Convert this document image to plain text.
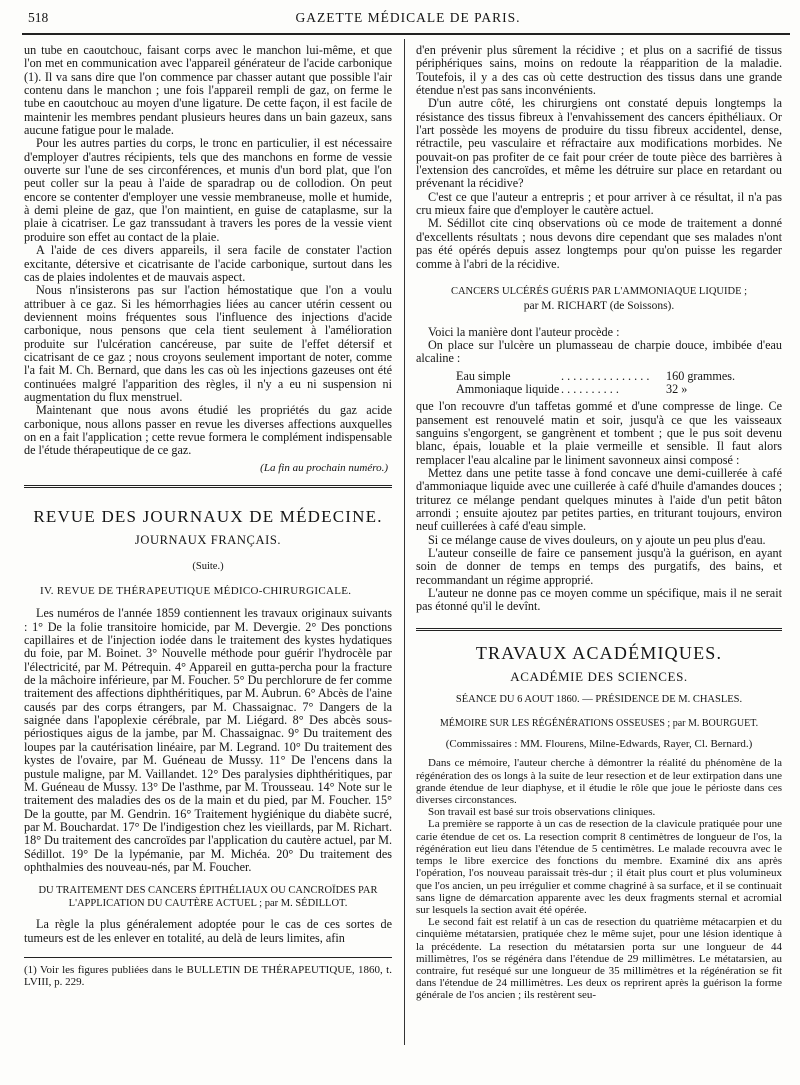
518	GAZETTE MÉDICALE DE PARIS.

un tube en caoutchouc, faisant corps avec le manchon lui-même, et que l'on met en communication avec l'appareil générateur de l'acide carbonique (1). Il va sans dire que l'on commence par chasser autant que possible l'air contenu dans le manchon ; une fois l'appareil rempli de gaz, on ferme le tube en caoutchouc au moyen d'une ligature. De cette façon, il est facile de maintenir les membres pendant plusieurs heures dans un bain gazeux, sans aucune fatigue pour le malade.

Pour les autres parties du corps, le tronc en particulier, il est nécessaire d'employer d'autres récipients, tels que des manchons en forme de vessie ouverte sur l'une de ses circonférences, et munis d'un bord plat, que l'on peut coller sur la peau à l'aide de sparadrap ou de collodion. On peut encore se contenter d'employer une vessie membraneuse, molle et humide, à demi pleine de gaz, que l'on maintient, en guise de cataplasme, sur la plaie à cicatriser. Le gaz transsudant à travers les pores de la vessie vient produire son effet au contact de la plaie.

A l'aide de ces divers appareils, il sera facile de constater l'action excitante, détersive et cicatrisante de l'acide carbonique, surtout dans les cas de plaies indolentes et de mauvais aspect.

Nous n'insisterons pas sur l'action hémostatique que l'on a voulu attribuer à ce gaz. Si les hémorrhagies liées au cancer utérin cessent ou deviennent moins fréquentes sous l'influence des injections d'acide carbonique, nous pensons que cela tient seulement à l'amélioration produite sur l'ulcération cancéreuse, par suite de l'effet détersif et cicatrisant de ce gaz ; nous croyons seulement important de noter, comme l'a fait M. Ch. Bernard, que dans les cas où les injections gazeuses ont été continuées malgré l'apparition des règles, il n'y a eu ni suspension ni augmentation du flux menstruel.

Maintenant que nous avons étudié les propriétés du gaz acide carbonique, nous allons passer en revue les diverses affections auxquelles on en a fait l'application ; cette revue formera le complément indispensable de l'étude thérapeutique de ce gaz.

(La fin au prochain numéro.)
REVUE DES JOURNAUX DE MÉDECINE.
JOURNAUX FRANÇAIS.
(Suite.)
IV. REVUE DE THÉRAPEUTIQUE MÉDICO-CHIRURGICALE.

Les numéros de l'année 1859 contiennent les travaux originaux suivants : 1° De la folie transitoire homicide, par M. Devergie. 2° Des ponctions capillaires et de l'injection iodée dans le traitement des kystes hydatiques du foie, par M. Boinet. 3° Nouvelle méthode pour guérir l'hydrocèle par l'électricité, par M. Pétrequin. 4° Appareil en gutta-percha pour la fracture de la mâchoire inférieure, par M. Foucher. 5° Du perchlorure de fer comme traitement des affections diphthéritiques, par M. Aubrun. 6° Abcès de l'aine causés par des corps étrangers, par M. Chassaignac. 7° Dangers de la saignée dans l'apoplexie cérébrale, par M. Liégard. 8° Des abcès sous-périostiques aigus de la jambe, par M. Chassaignac. 9° Du traitement des loupes par la cautérisation linéaire, par M. Legrand. 10° Du traitement des kystes de l'ovaire, par M. Guéneau de Mussy. 11° De l'encens dans la pustule maligne, par M. Vaillandet. 12° Des paralysies diphthéritiques, par M. Guéneau de Mussy. 13° De l'asthme, par M. Trousseau. 14° Note sur le traitement des maladies des os de la main et du pied, par M. Foucher. 15° De la goutte, par M. Gendrin. 16° Traitement hygiénique du diabète sucré, par M. Bouchardat. 17° De l'indigestion chez les vieillards, par M. Richart. 18° Du traitement des cancroïdes par l'application du cautère actuel, par M. Sédillot. 19° De la lypémanie, par M. Michéa. 20° Du traitement des ophthalmies des nouveau-nés, par M. Foucher.

DU TRAITEMENT DES CANCERS ÉPITHÉLIAUX OU CANCROÏDES PAR L'APPLICATION DU CAUTÈRE ACTUEL ; par M. SÉDILLOT.

La règle la plus généralement adoptée pour le cas de ces sortes de tumeurs est de les enlever en totalité, au delà de leurs limites, afin

(1) Voir les figures publiées dans le BULLETIN DE THÉRAPEUTIQUE, 1860, t. LVIII, p. 229.

d'en prévenir plus sûrement la récidive ; et plus on a sacrifié de tissus périphériques sains, moins on redoute la réapparition de la maladie. Toutefois, il y a des cas où cette destruction des tissus dans une grande étendue n'est pas sans inconvénients.

D'un autre côté, les chirurgiens ont constaté depuis longtemps la résistance des tissus fibreux à l'envahissement des cancers épithéliaux. Or l'art possède les moyens de produire du tissu fibreux accidentel, dense, rétractile, peu vasculaire et réfractaire aux modifications morbides. Ne pouvait-on pas profiter de ce fait pour créer de toute pièce des barrières à l'extension des cancroïdes, et même les détruire sur place en retardant ou prévenant la récidive?

C'est ce que l'auteur a entrepris ; et pour arriver à ce résultat, il n'a pas cru mieux faire que d'employer le cautère actuel.

M. Sédillot cite cinq observations où ce mode de traitement a donné d'excellents résultats ; nous devons dire cependant que ses malades n'ont pas été opérés depuis assez longtemps pour qu'on puisse les regarder comme à l'abri de la récidive.

CANCERS ULCÉRÉS GUÉRIS PAR L'AMMONIAQUE LIQUIDE ;
par M. RICHART (de Soissons).

Voici la manière dont l'auteur procède :

On place sur l'ulcère un plumasseau de charpie douce, imbibée d'eau alcaline :

Eau simple	. . . . . . . . . . . . . . .	160 grammes.
Ammoniaque liquide . . . . . . . . . .	32 »

que l'on recouvre d'un taffetas gommé et d'une compresse de linge. Ce pansement est renouvelé matin et soir, jusqu'à ce que les vaisseaux sanguins s'engorgent, se gangrènent et tombent ; que le pus soit devenu blanc, épais, louable et la plaie vermeille et sensible. Il faut alors remplacer l'eau alcaline par le liniment savonneux ainsi composé :

Mettez dans une petite tasse à fond concave une demi-cuillerée à café d'ammoniaque liquide avec une cuillerée à café d'huile d'amandes douces ; triturez ce mélange pendant quelques minutes à l'aide d'un petit bâton arrondi ; ensuite ajoutez par petites parties, en triturant toujours, environ neuf cuillerées à café d'eau simple.

Si ce mélange cause de vives douleurs, on y ajoute un peu plus d'eau.

L'auteur conseille de faire ce pansement jusqu'à la guérison, en ayant soin de donner de temps en temps des purgatifs, des bains, et recommandant un régime approprié.

L'auteur ne donne pas ce moyen comme un spécifique, mais il ne serait pas étonné qu'il le devînt.

TRAVAUX ACADÉMIQUES.
ACADÉMIE DES SCIENCES.
SÉANCE DU 6 AOUT 1860. — PRÉSIDENCE DE M. CHASLES.
MÉMOIRE SUR LES RÉGÉNÉRATIONS OSSEUSES ; par M. BOURGUET.
(Commissaires : MM. Flourens, Milne-Edwards, Rayer, Cl. Bernard.)

Dans ce mémoire, l'auteur cherche à démontrer la réalité du phénomène de la régénération des os longs à la suite de leur resection et de leur extirpation dans une grande étendue de leur diaphyse, et il étudie le rôle que joue le périoste dans ces diverses circonstances.

Son travail est basé sur trois observations cliniques.

La première se rapporte à un cas de resection de la clavicule pratiquée pour une carie étendue de cet os. La resection comprit 8 centimètres de longueur de l'os, la régénération eut lieu dans l'étendue de 5 centimètres. Le malade recouvra avec le temps le libre exercice des fonctions du membre. Examiné dix ans après l'opération, l'os nouveau paraissait très-dur ; il était plus court et plus volumineux que l'os ancien, un peu irrégulier et comme chagriné à sa surface, et il se continuait sans ligne de démarcation apparente avec les deux fragments sternal et acromial sur lesquels la section avait été opérée.

Le second fait est relatif à un cas de resection du quatrième métacarpien et du cinquième métatarsien, pratiquée chez le même sujet, pour une lésion identique à la précédente. La resection du métatarsien porta sur une longueur de 44 millimètres, l'os se régénéra dans l'étendue de 29 millimètres. Le métatarsien, au contraire, fut reséqué sur une longueur de 35 millimètres et la régénération se fit dans l'étendue de 24 millimètres. Les deux os reprirent après la guérison la forme générale de l'os ancien ; ils restèrent seu-
